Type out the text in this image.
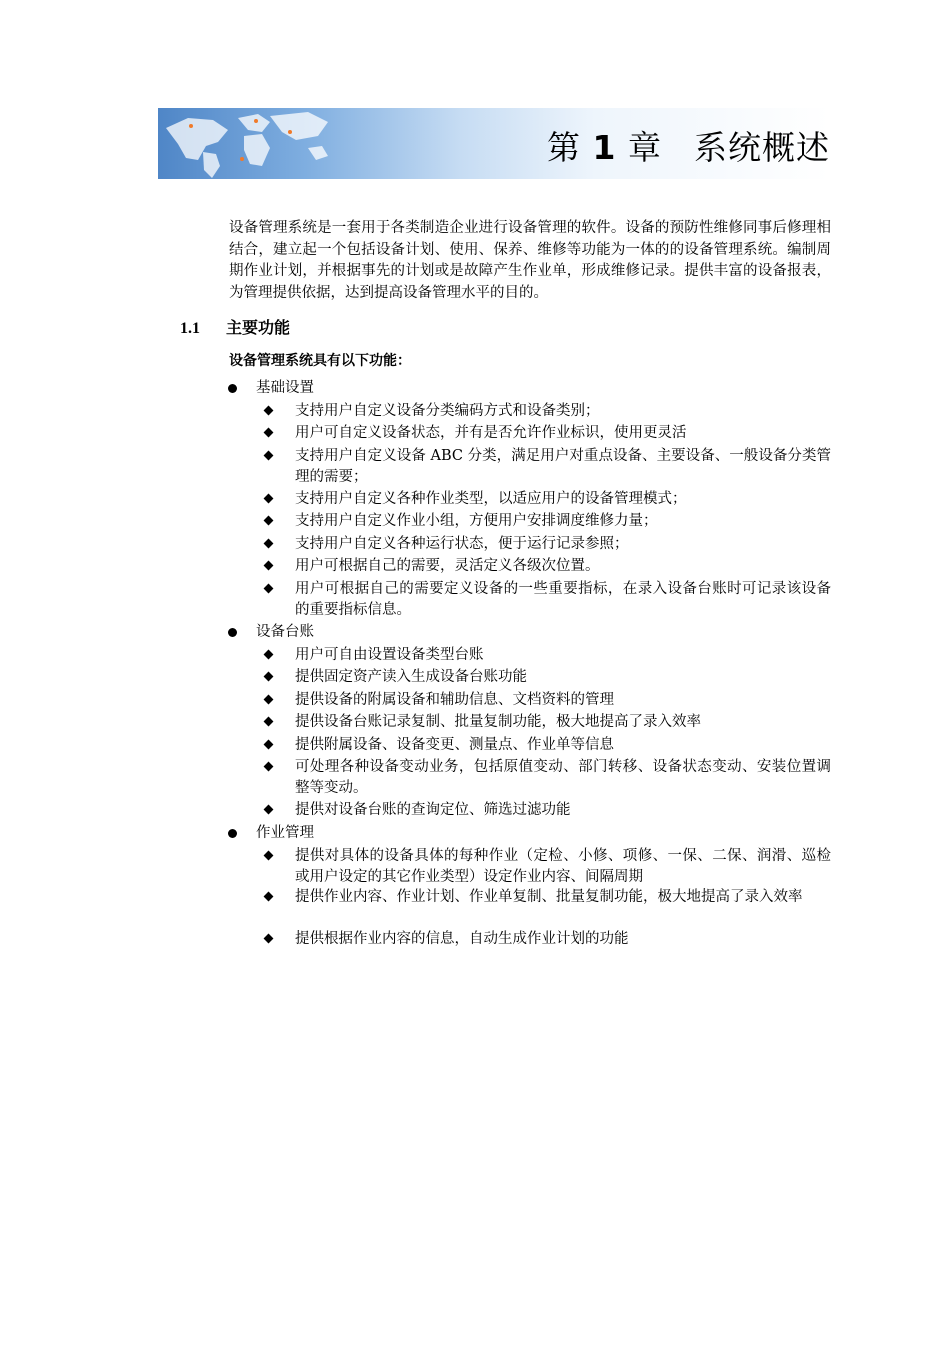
第 1 章 系统概述
设备管理系统是一套用于各类制造企业进行设备管理的软件。设备的预防性维修同事后修理相结合，建立起一个包括设备计划、使用、保养、维修等功能为一体的的设备管理系统。编制周期作业计划，并根据事先的计划或是故障产生作业单，形成维修记录。提供丰富的设备报表，为管理提供依据，达到提高设备管理水平的目的。
1.1 主要功能
设备管理系统具有以下功能：
基础设置
支持用户自定义设备分类编码方式和设备类别；
用户可自定义设备状态，并有是否允许作业标识，使用更灵活
支持用户自定义设备 ABC 分类，满足用户对重点设备、主要设备、一般设备分类管理的需要；
支持用户自定义各种作业类型，以适应用户的设备管理模式；
支持用户自定义作业小组，方便用户安排调度维修力量；
支持用户自定义各种运行状态，便于运行记录参照；
用户可根据自己的需要，灵活定义各级次位置。
用户可根据自己的需要定义设备的一些重要指标，在录入设备台账时可记录该设备的重要指标信息。
设备台账
用户可自由设置设备类型台账
提供固定资产读入生成设备台账功能
提供设备的附属设备和辅助信息、文档资料的管理
提供设备台账记录复制、批量复制功能，极大地提高了录入效率
提供附属设备、设备变更、测量点、作业单等信息
可处理各种设备变动业务，包括原值变动、部门转移、设备状态变动、安装位置调整等变动。
提供对设备台账的查询定位、筛选过滤功能
作业管理
提供对具体的设备具体的每种作业（定检、小修、项修、一保、二保、润滑、巡检或用户设定的其它作业类型）设定作业内容、间隔周期
提供作业内容、作业计划、作业单复制、批量复制功能，极大地提高了录入效率
提供根据作业内容的信息，自动生成作业计划的功能
